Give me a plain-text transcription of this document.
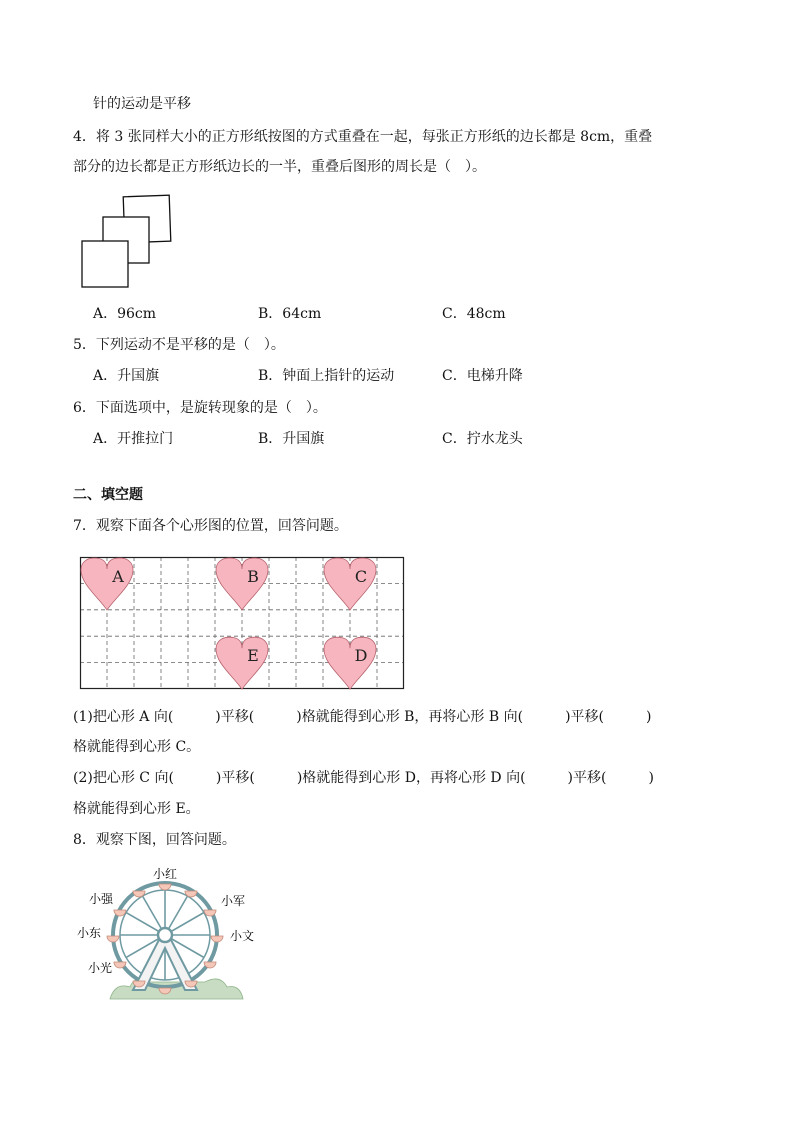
针的运动是平移
4．将 3 张同样大小的正方形纸按图的方式重叠在一起，每张正方形纸的边长都是 8cm，重叠
部分的边长都是正方形纸边长的一半，重叠后图形的周长是（　）。
A．96cm	B．64cm	C．48cm
5．下列运动不是平移的是（　）。
A．升国旗	B．钟面上指针的运动	C．电梯升降
6．下面选项中，是旋转现象的是（　）。
A．开推拉门	B．升国旗	C．拧水龙头
二、填空题
7．观察下面各个心形图的位置，回答问题。
A	B	C
E	D
(1)把心形 A 向(　　　)平移(　　　)格就能得到心形 B，再将心形 B 向(　　　)平移(　　　)
格就能得到心形 C。
(2)把心形 C 向(　　　)平移(　　　)格就能得到心形 D，再将心形 D 向(　　　)平移(　　　)
格就能得到心形 E。
8．观察下图，回答问题。
小红
小强	小军
小东	小文
小光
